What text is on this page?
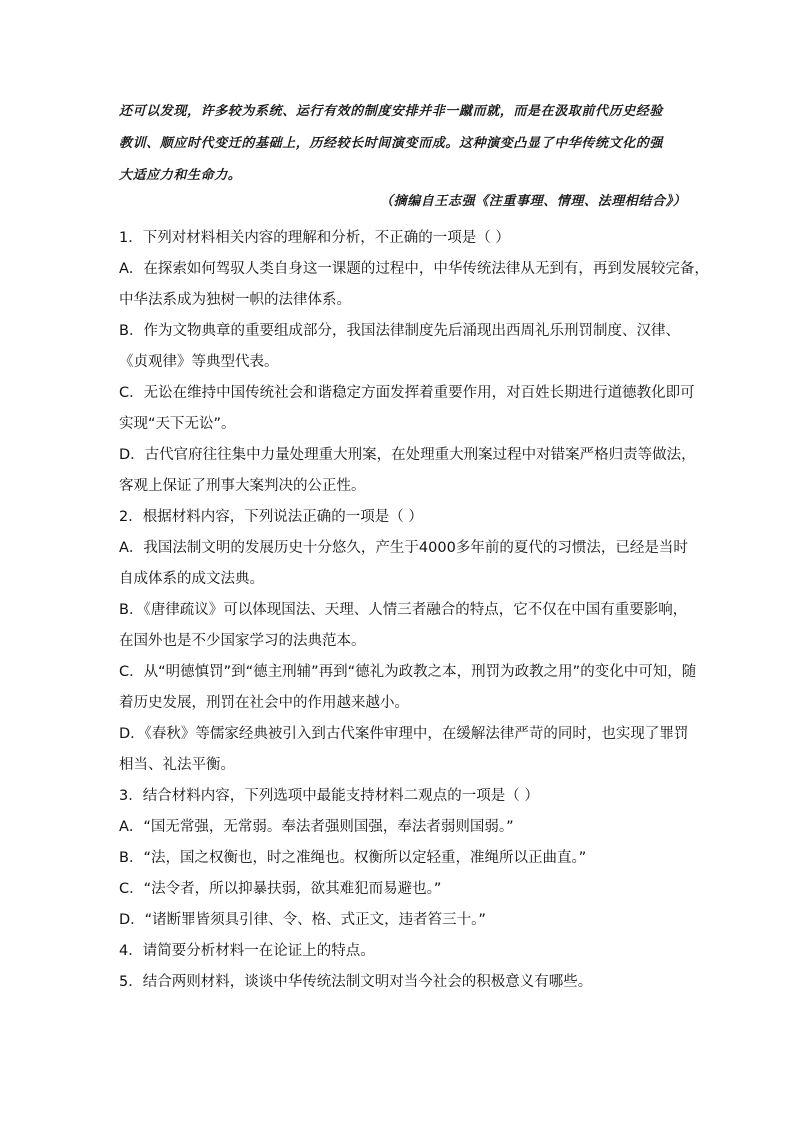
还可以发现，许多较为系统、运行有效的制度安排并非一蹴而就，而是在汲取前代历史经验

教训、顺应时代变迁的基础上，历经较长时间演变而成。这种演变凸显了中华传统文化的强

大适应力和生命力。

（摘编自王志强《注重事理、情理、法理相结合》）
1．下列对材料相关内容的理解和分析，不正确的一项是（ ）
A．在探索如何驾驭人类自身这一课题的过程中，中华传统法律从无到有，再到发展较完备，
中华法系成为独树一帜的法律体系。
B．作为文物典章的重要组成部分，我国法律制度先后涌现出西周礼乐刑罚制度、汉律、
《贞观律》等典型代表。
C．无讼在维持中国传统社会和谐稳定方面发挥着重要作用，对百姓长期进行道德教化即可
实现“天下无讼”。
D．古代官府往往集中力量处理重大刑案，在处理重大刑案过程中对错案严格归责等做法，
客观上保证了刑事大案判决的公正性。
2．根据材料内容，下列说法正确的一项是（ ）
A．我国法制文明的发展历史十分悠久，产生于4000多年前的夏代的习惯法，已经是当时
自成体系的成文法典。
B．《唐律疏议》可以体现国法、天理、人情三者融合的特点，它不仅在中国有重要影响，
在国外也是不少国家学习的法典范本。
C．从“明德慎罚”到“德主刑辅”再到“德礼为政教之本，刑罚为政教之用”的变化中可知，随
着历史发展，刑罚在社会中的作用越来越小。
D．《春秋》等儒家经典被引入到古代案件审理中，在缓解法律严苛的同时，也实现了罪罚
相当、礼法平衡。
3．结合材料内容，下列选项中最能支持材料二观点的一项是（ ）
A．“国无常强，无常弱。奉法者强则国强，奉法者弱则国弱。”
B．“法，国之权衡也，时之准绳也。权衡所以定轻重，准绳所以正曲直。”
C．“法令者，所以抑暴扶弱，欲其难犯而易避也。”
D．“诸断罪皆须具引律、令、格、式正文，违者笞三十。”
4．请简要分析材料一在论证上的特点。
5．结合两则材料，谈谈中华传统法制文明对当今社会的积极意义有哪些。
